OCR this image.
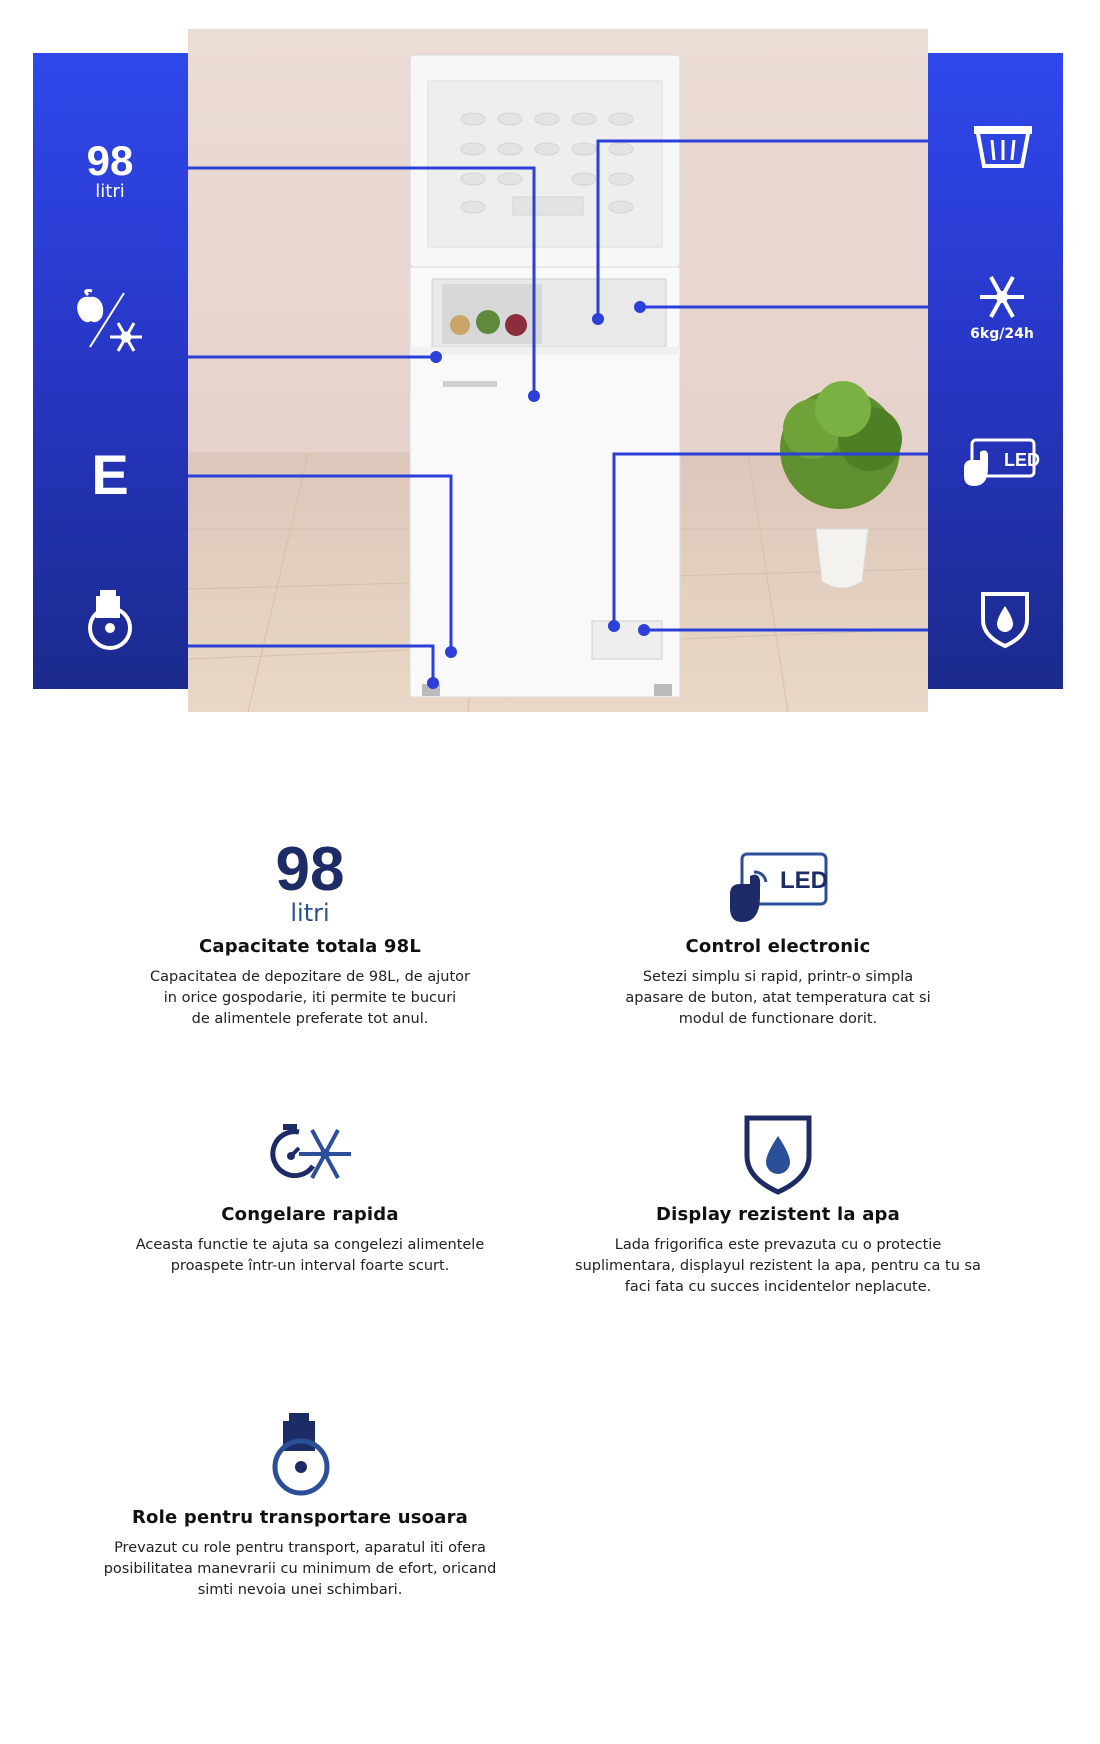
98
litri
E
6kg/24h
LED
98
litri
Capacitate totala 98L

Capacitatea de depozitare de 98L, de ajutor
in orice gospodarie, iti permite te bucuri
de alimentele preferate tot anul.

LED
Control electronic

Setezi simplu si rapid, printr-o simpla
apasare de buton, atat temperatura cat si
modul de functionare dorit.

Congelare rapida

Aceasta functie te ajuta sa congelezi alimentele
proaspete într-un interval foarte scurt.

Display rezistent la apa

Lada frigorifica este prevazuta cu o protectie
suplimentara, displayul rezistent la apa, pentru ca tu sa
faci fata cu succes incidentelor neplacute.

Role pentru transportare usoara

Prevazut cu role pentru transport, aparatul iti ofera
posibilitatea manevrarii cu minimum de efort, oricand
simti nevoia unei schimbari.
